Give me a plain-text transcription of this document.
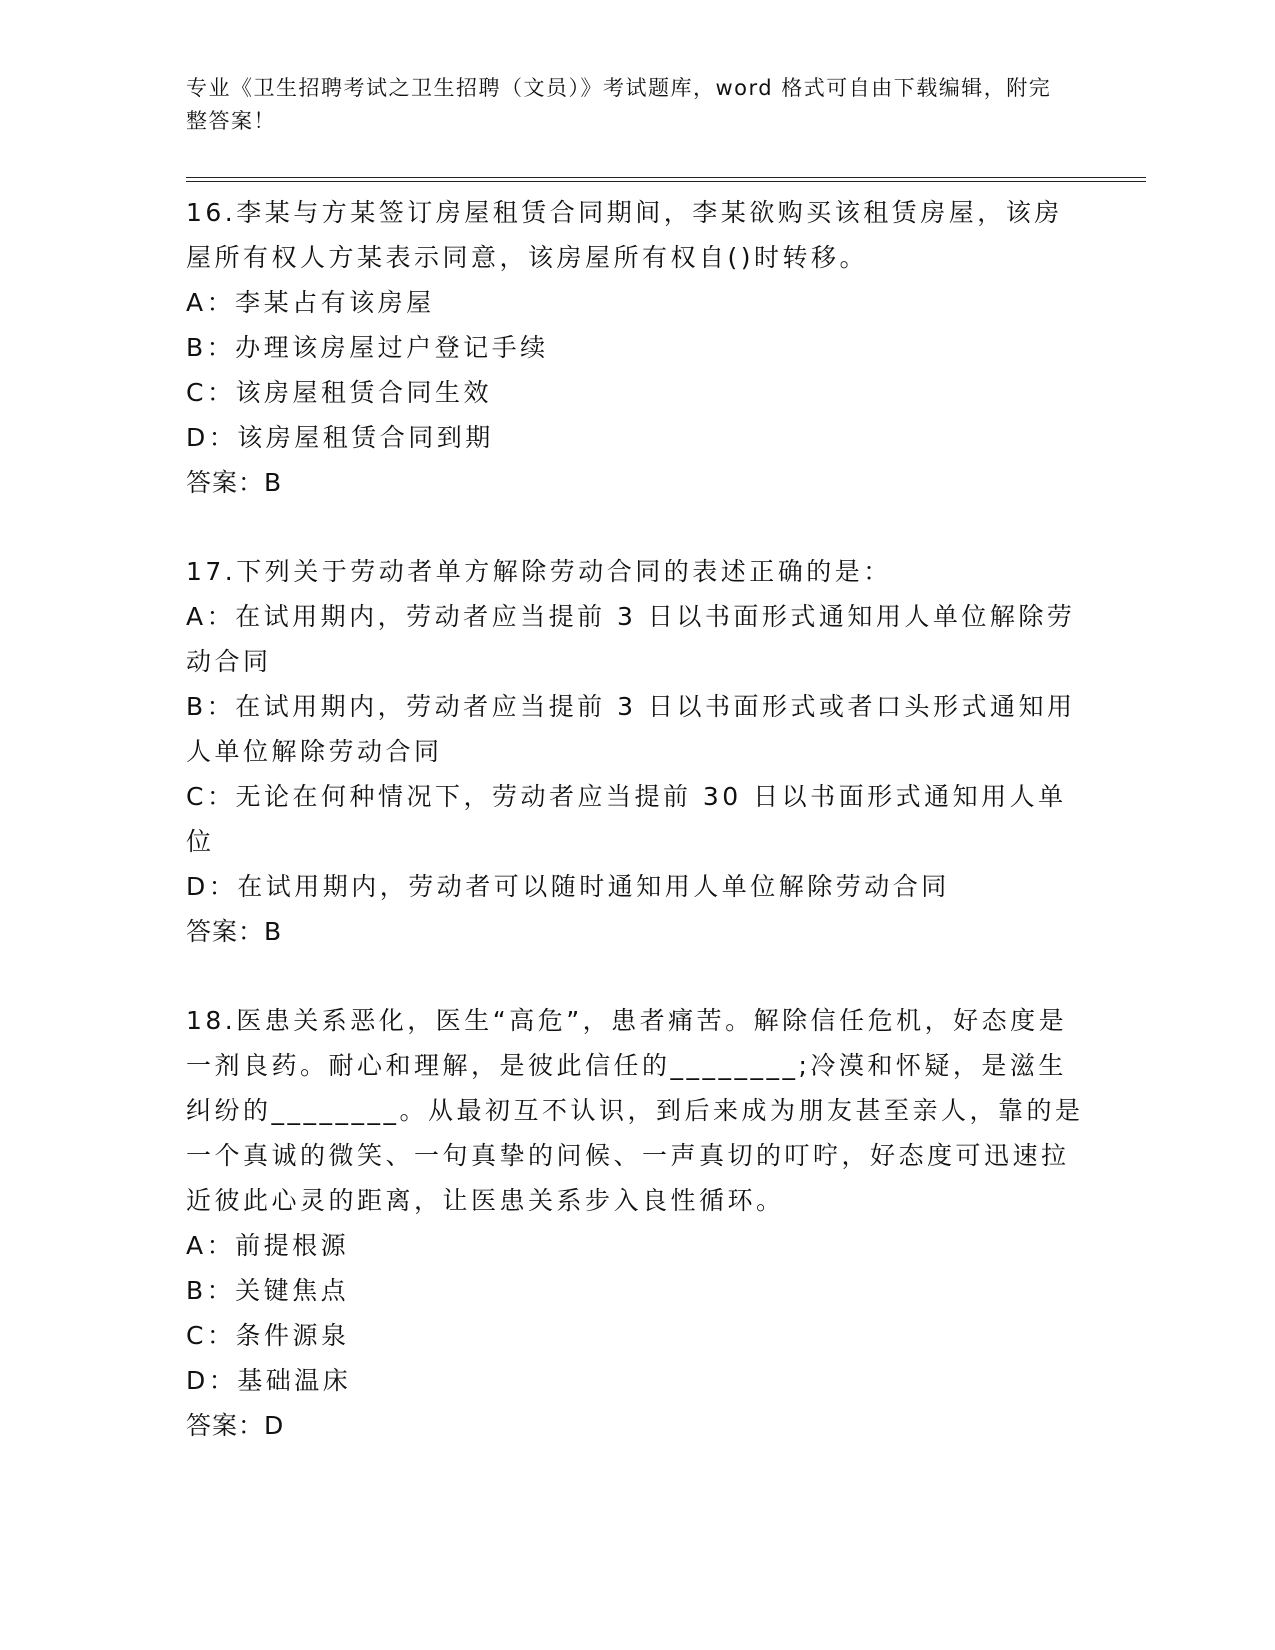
专业《卫生招聘考试之卫生招聘（文员）》考试题库，word 格式可自由下载编辑，附完整答案！
16.李某与方某签订房屋租赁合同期间，李某欲购买该租赁房屋，该房屋所有权人方某表示同意，该房屋所有权自()时转移。
A：李某占有该房屋
B：办理该房屋过户登记手续
C：该房屋租赁合同生效
D：该房屋租赁合同到期
答案：B
17.下列关于劳动者单方解除劳动合同的表述正确的是：
A：在试用期内，劳动者应当提前 3 日以书面形式通知用人单位解除劳动合同
B：在试用期内，劳动者应当提前 3 日以书面形式或者口头形式通知用人单位解除劳动合同
C：无论在何种情况下，劳动者应当提前 30 日以书面形式通知用人单位
D：在试用期内，劳动者可以随时通知用人单位解除劳动合同
答案：B
18.医患关系恶化，医生“高危”，患者痛苦。解除信任危机，好态度是一剂良药。耐心和理解，是彼此信任的________;冷漠和怀疑，是滋生纠纷的________。从最初互不认识，到后来成为朋友甚至亲人，靠的是一个真诚的微笑、一句真挚的问候、一声真切的叮咛，好态度可迅速拉近彼此心灵的距离，让医患关系步入良性循环。
A：前提根源
B：关键焦点
C：条件源泉
D：基础温床
答案：D
